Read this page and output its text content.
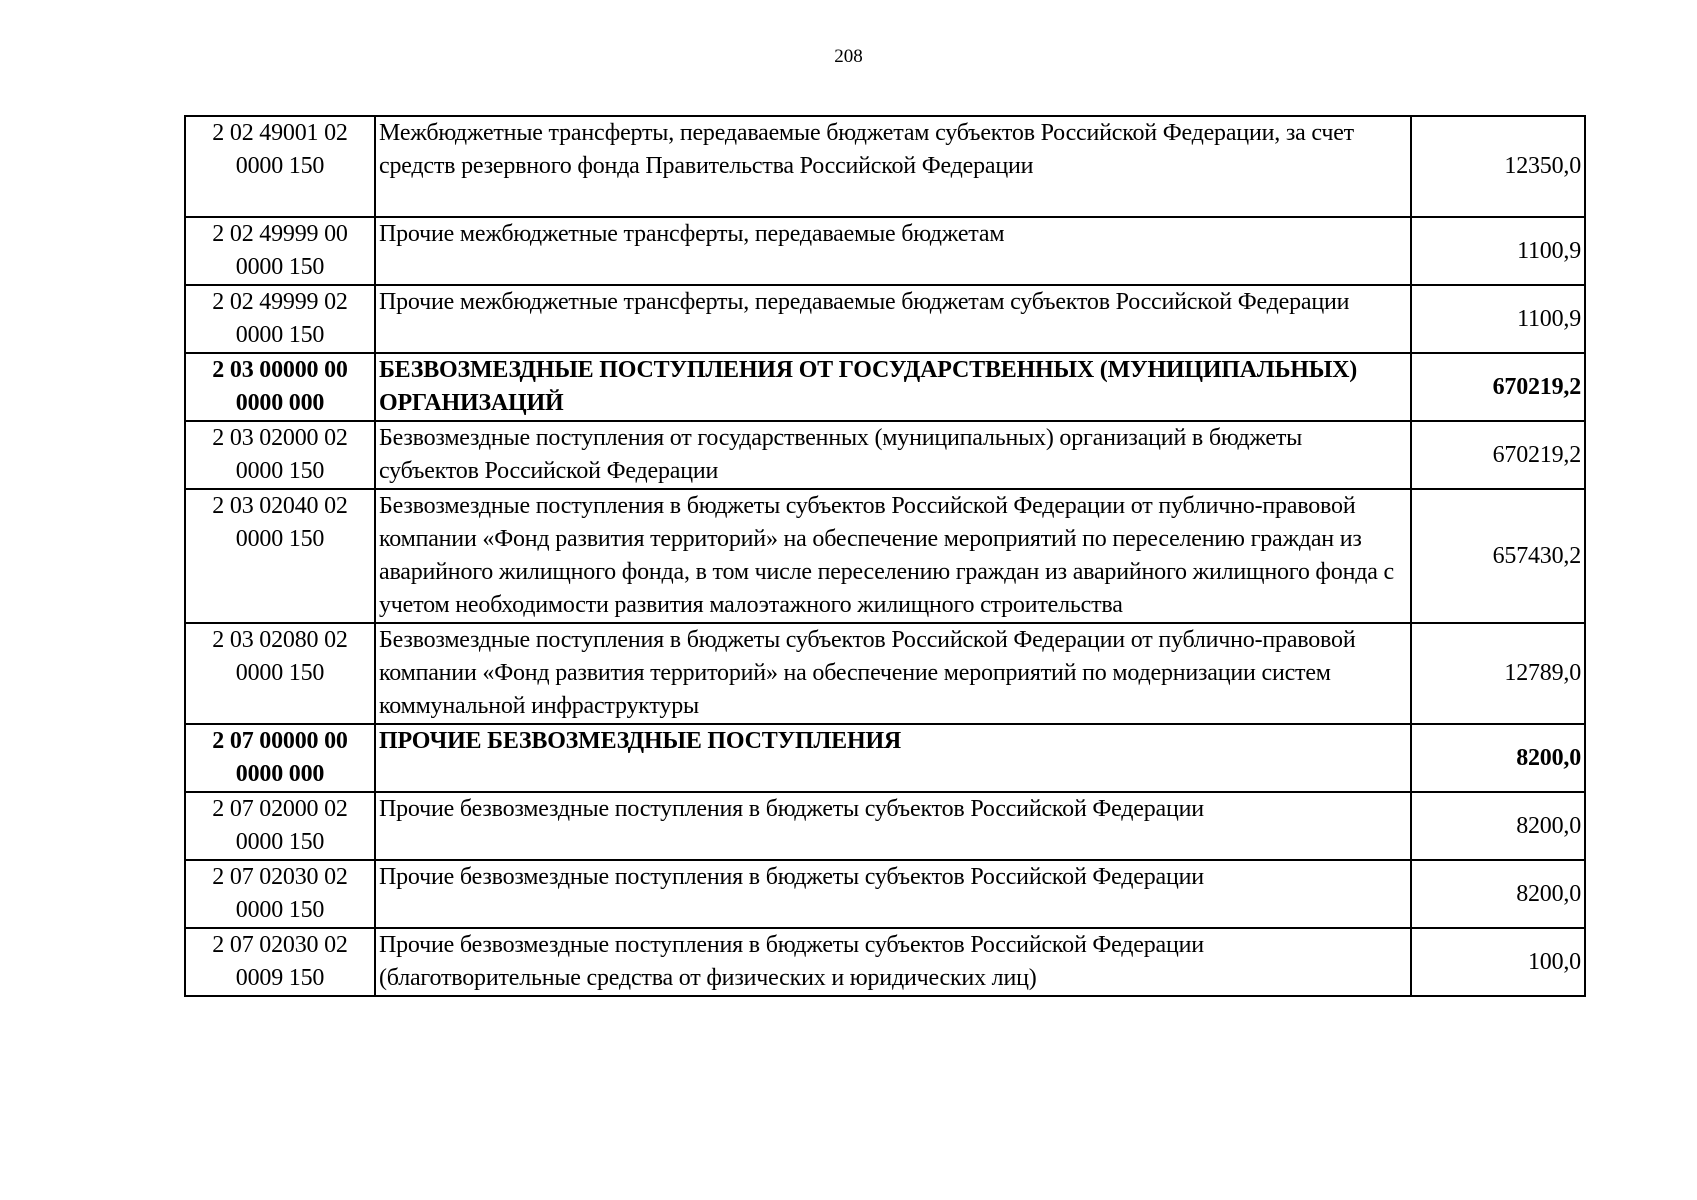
208
2 02 49001 02 0000 150	Межбюджетные трансферты, передаваемые бюджетам субъектов Российской Федерации, за счет средств резервного фонда Правительства Российской Федерации	12350,0
2 02 49999 00 0000 150	Прочие межбюджетные трансферты, передаваемые бюджетам	1100,9
2 02 49999 02 0000 150	Прочие межбюджетные трансферты, передаваемые бюджетам субъектов Российской Федерации	1100,9
2 03 00000 00 0000 000	БЕЗВОЗМЕЗДНЫЕ ПОСТУПЛЕНИЯ ОТ ГОСУДАРСТВЕННЫХ (МУНИЦИПАЛЬНЫХ) ОРГАНИЗАЦИЙ	670219,2
2 03 02000 02 0000 150	Безвозмездные поступления от государственных (муниципальных) организаций в бюджеты субъектов Российской Федерации	670219,2
2 03 02040 02 0000 150	Безвозмездные поступления в бюджеты субъектов Российской Федерации от публично-правовой компании «Фонд развития территорий» на обеспечение мероприятий по переселению граждан из аварийного жилищного фонда, в том числе переселению граждан из аварийного жилищного фонда с учетом необходимости развития малоэтажного жилищного строительства	657430,2
2 03 02080 02 0000 150	Безвозмездные поступления в бюджеты субъектов Российской Федерации от публично-правовой компании «Фонд развития территорий» на обеспечение мероприятий по модернизации систем коммунальной инфраструктуры	12789,0
2 07 00000 00 0000 000	ПРОЧИЕ БЕЗВОЗМЕЗДНЫЕ ПОСТУПЛЕНИЯ	8200,0
2 07 02000 02 0000 150	Прочие безвозмездные поступления в бюджеты субъектов Российской Федерации	8200,0
2 07 02030 02 0000 150	Прочие безвозмездные поступления в бюджеты субъектов Российской Федерации	8200,0
2 07 02030 02 0009 150	Прочие безвозмездные поступления в бюджеты субъектов Российской Федерации (благотворительные средства от физических и юридических лиц)	100,0
